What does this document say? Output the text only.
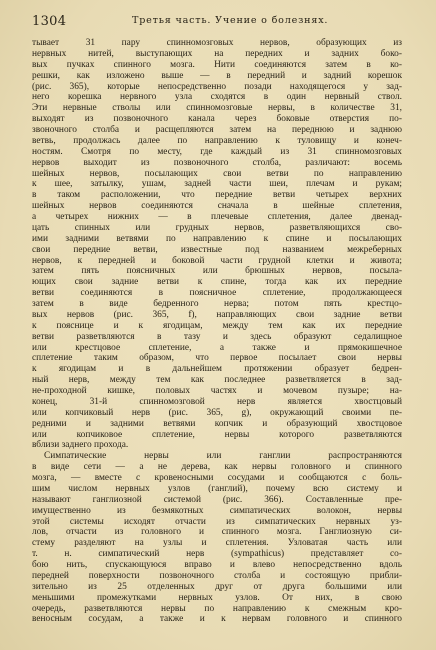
1304	Третья часть. Учение о болезнях.
тывает 31 пару спинномозговых нервов, образующих из
нервных нитей, выступающих на передних и задних боко-
вых пучках спинного мозга. Нити соединяются затем в ко-
решки, как изложено выше — в передний и задний корешок
(рис. 365), которые непосредственно позади находящегося у зад-
него корешка нервного узла сходятся в один нервный ствол.
Эти нервные стволы или спинномозговые нервы, в количестве 31,
выходят из позвоночного канала через боковые отверстия по-
звоночного столба и расщепляются затем на переднюю и заднюю
ветвь, продолжась далее по направлению к туловищу и конеч-
ностям. Смотря по месту, где каждый из 31 спинномозговых
нервов выходит из позвоночного столба, различают: восемь
шейных нервов, посылающих свои ветви по направлению
к шее, затылку, ушам, задней части шеи, плечам и рукам;
в таком расположении, что передние ветви четырех верхних
шейных нервов соединяются сначала в шейные сплетения,
а четырех нижних — в плечевые сплетения, далее двенад-
цать спинных или грудных нервов, разветвляющихся сво-
ими задними ветвями по направлению к спине и посылающих
свои передние ветви, известные под названием межреберных
нервов, к передней и боковой части грудной клетки и живота;
затем пять поясничных или брюшных нервов, посыла-
ющих свои задние ветви к спине, тогда как их передние
ветви соединяются в поясничное сплетение, продолжающееся
затем в виде бедренного нерва; потом пять крестцо-
вых нервов (рис. 365, f), направляющих свои задние ветви
к пояснице и к ягодицам, между тем как их передние
ветви разветвляются в тазу и здесь образуют седалищное
или крестцовое сплетение, а также и прямокишечное
сплетение таким образом, что первое посылает свои нервы
к ягодицам и в дальнейшем протяжении образует бедрен-
ный нерв, между тем как последнее разветвляется в зад-
не-проходной кишке, половых частях и мочевом пузыре; на-
конец, 31-й спинномозговой нерв является хвостцовый
или копчиковый нерв (рис. 365, g), окружающий своими пе-
редними и задними ветвями копчик и образующий хвостцовое
или копчиковое сплетение, нервы которого разветвляются
вблизи заднего прохода.
Симпатические нервы или ганглии распространяются
в виде сети — а не дерева, как нервы головного и спинного
мозга, — вместе с кровеносными сосудами и сообщаются с боль-
шим числом нервных узлов (ганглий), почему всю систему и
называют ганглиозной системой (рис. 366). Составленные пре-
имущественно из безмякотных симпатических волокон, нервы
этой системы исходят отчасти из симпатических нервных уз-
лов, отчасти из головного и спинного мозга. Ганглиозную си-
стему разделяют на узлы и сплетения. Узловатая часть или
т. н. симпатический нерв (sympathicus) представляет со-
бою нить, спускающуюся вправо и влево непосредственно вдоль
передней поверхности позвоночного столба и состоящую прибли-
зительно из 25 отделенных друг от друга большими или
меньшими промежутками нервных узлов. От них, в свою
очередь, разветвляются нервы по направлению к смежным кро-
веносным сосудам, а также и к нервам головного и спинного
